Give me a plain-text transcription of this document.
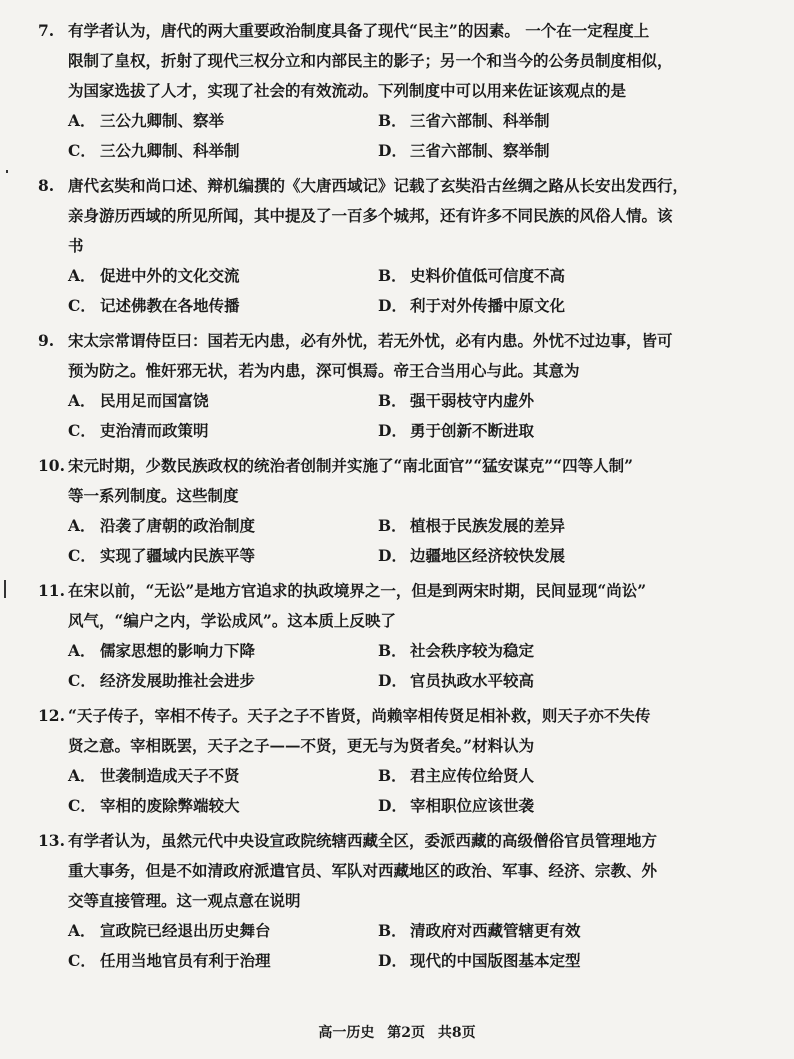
7. 有学者认为，唐代的两大重要政治制度具备了现代“民主”的因素。 一个在一定程度上
限制了皇权，折射了现代三权分立和内部民主的影子；另一个和当今的公务员制度相似，
为国家选拔了人才，实现了社会的有效流动。下列制度中可以用来佐证该观点的是
A． 三公九卿制、察举	B． 三省六部制、科举制
C． 三公九卿制、科举制	D． 三省六部制、察举制
8. 唐代玄奘和尚口述、辩机编撰的《大唐西域记》记载了玄奘沿古丝绸之路从长安出发西行，
亲身游历西域的所见所闻，其中提及了一百多个城邦，还有许多不同民族的风俗人情。该
书
A． 促进中外的文化交流	B． 史料价值低可信度不高
C． 记述佛教在各地传播	D． 利于对外传播中原文化
9. 宋太宗常谓侍臣曰：国若无内患，必有外忧，若无外忧，必有内患。外忧不过边事，皆可
预为防之。惟奸邪无状，若为内患，深可惧焉。帝王合当用心与此。其意为
A． 民用足而国富饶	B． 强干弱枝守内虚外
C． 吏治清而政策明	D． 勇于创新不断进取
10. 宋元时期，少数民族政权的统治者创制并实施了“南北面官”“猛安谋克”“四等人制”
等一系列制度。这些制度
A． 沿袭了唐朝的政治制度	B． 植根于民族发展的差异
C． 实现了疆域内民族平等	D． 边疆地区经济较快发展
11. 在宋以前，“无讼”是地方官追求的执政境界之一，但是到两宋时期，民间显现“尚讼”
风气，“编户之内，学讼成风”。这本质上反映了
A． 儒家思想的影响力下降	B． 社会秩序较为稳定
C． 经济发展助推社会进步	D． 官员执政水平较高
12. “天子传子，宰相不传子。天子之子不皆贤，尚赖宰相传贤足相补救，则天子亦不失传
贤之意。宰相既罢，天子之子——不贤，更无与为贤者矣。”材料认为
A． 世袭制造成天子不贤	B． 君主应传位给贤人
C． 宰相的废除弊端较大	D． 宰相职位应该世袭
13. 有学者认为，虽然元代中央设宣政院统辖西藏全区，委派西藏的高级僧俗官员管理地方
重大事务，但是不如清政府派遣官员、军队对西藏地区的政治、军事、经济、宗教、外
交等直接管理。这一观点意在说明
A． 宣政院已经退出历史舞台	B． 清政府对西藏管辖更有效
C． 任用当地官员有利于治理	D． 现代的中国版图基本定型
高一历史 第2页 共8页
